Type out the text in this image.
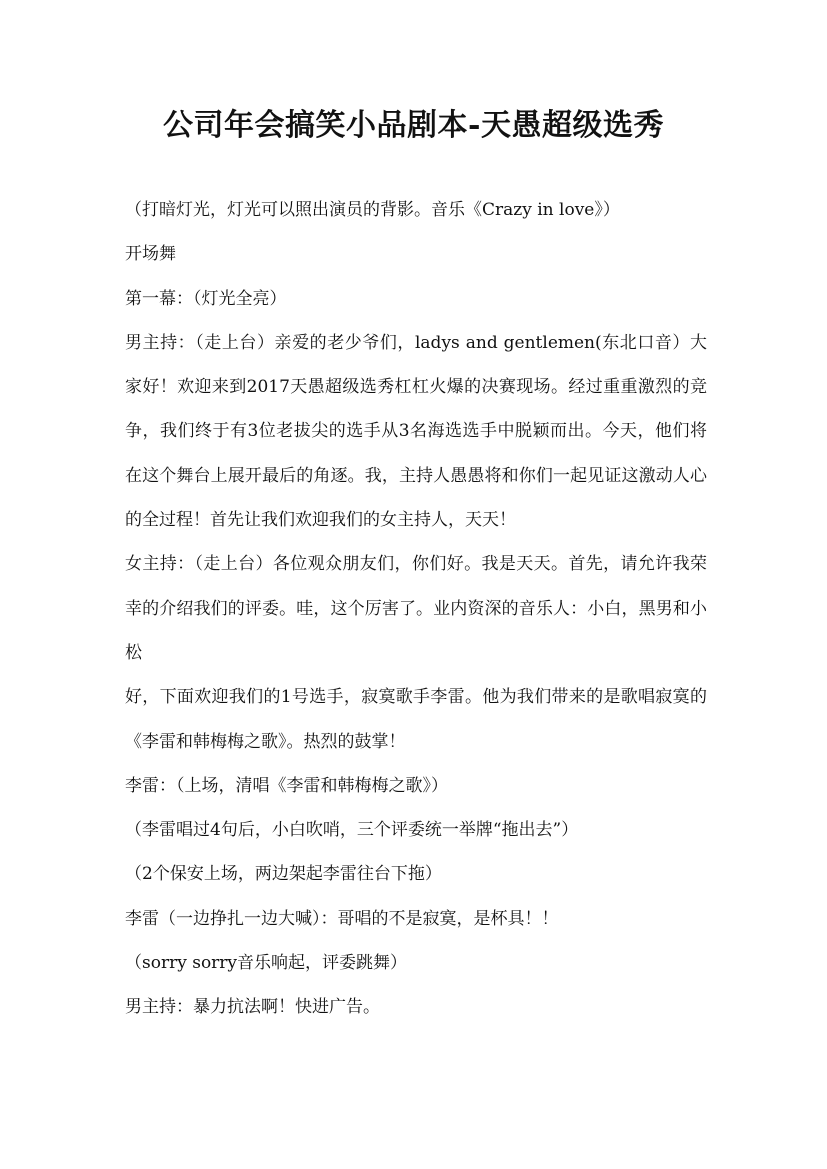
公司年会搞笑小品剧本-天愚超级选秀

（打暗灯光，灯光可以照出演员的背影。音乐《Crazy in love》）

开场舞

第一幕：（灯光全亮）

男主持：（走上台）亲爱的老少爷们，ladys and gentlemen(东北口音）大家好！欢迎来到2017天愚超级选秀杠杠火爆的决赛现场。经过重重激烈的竞争，我们终于有3位老拔尖的选手从3名海选选手中脱颖而出。今天，他们将在这个舞台上展开最后的角逐。我，主持人愚愚将和你们一起见证这激动人心的全过程！首先让我们欢迎我们的女主持人，天天！

女主持：（走上台）各位观众朋友们，你们好。我是天天。首先，请允许我荣幸的介绍我们的评委。哇，这个厉害了。业内资深的音乐人：小白，黑男和小松

好，下面欢迎我们的1号选手，寂寞歌手李雷。他为我们带来的是歌唱寂寞的《李雷和韩梅梅之歌》。热烈的鼓掌！

李雷：（上场，清唱《李雷和韩梅梅之歌》）

（李雷唱过4句后，小白吹哨，三个评委统一举牌“拖出去”）

（2个保安上场，两边架起李雷往台下拖）

李雷（一边挣扎一边大喊）：哥唱的不是寂寞，是杯具！！

（sorry sorry音乐响起，评委跳舞）

男主持：暴力抗法啊！快进广告。
